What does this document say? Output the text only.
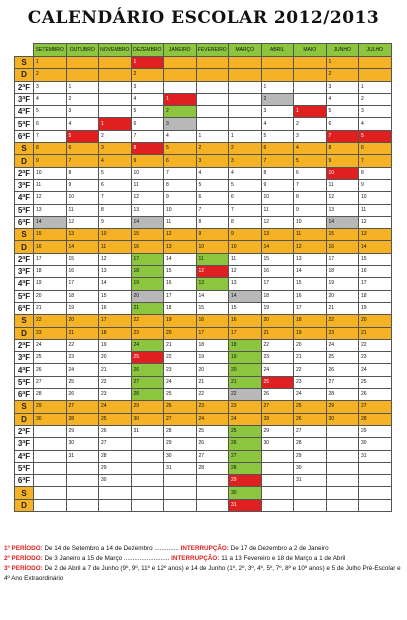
CALENDÁRIO ESCOLAR 2012/2013
	SETEMBRO	OUTUBRO	NOVEMBRO	DEZEMBRO	JANEIRO	FEVEREIRO	MARÇO	ABRIL	MAIO	JUNHO	JULHO
S	1			1						1	
D	2			2						2	
2ªF	3	1		3				1		3	1
3ªF	4	2		4	1			2		4	2
4ªF	5	3		5	2			3	1	5	3
5ªF	6	4	1	6	3			4	2	6	4
6ªF	7	5	2	7	4	1	1	5	3	7	5
S	8	6	3	8	5	2	2	6	4	8	6
D	9	7	4	9	6	3	3	7	5	9	7
2ªF	10	8	5	10	7	4	4	8	6	10	8
3ªF	11	9	6	11	8	5	5	9	7	11	9
4ªF	12	10	7	12	9	6	6	10	8	12	10
5ªF	13	11	8	13	10	7	7	11	9	13	11
6ªF	14	12	9	14	11	8	8	12	10	14	12
S	15	13	10	15	12	9	9	13	11	15	13
D	16	14	11	16	13	10	10	14	12	16	14
2ªF	17	15	12	17	14	11	11	15	13	17	15
3ªF	18	16	13	18	15	12	12	16	14	18	16
4ªF	19	17	14	19	16	13	13	17	15	19	17
5ªF	20	18	15	20	17	14	14	18	16	20	18
6ªF	21	19	16	21	18	15	15	19	17	21	19
S	22	20	17	22	19	16	16	20	18	22	20
D	23	21	18	23	20	17	17	21	19	23	21
2ªF	24	22	19	24	21	18	18	22	20	24	22
3ªF	25	23	20	25	22	19	19	23	21	25	23
4ªF	26	24	21	26	23	20	20	24	22	26	24
5ªF	27	25	22	27	24	21	21	25	23	27	25
6ªF	28	26	23	28	25	22	22	26	24	28	26
S	29	27	24	29	26	23	23	27	25	29	27
D	30	28	25	30	27	24	24	28	26	30	28
2ªF		29	26	31	28	25	25	29	27		29
3ªF		30	27		29	26	26	30	28		30
4ªF		31	28		30	27	27		29		31
5ªF			29		31	28	28		30		
6ªF			30				29		31		
S							30				
D							31				
1º PERÍODO: De 14 de Setembro a 14 de Dezembro .............. INTERRUPÇÃO: De 17 de Dezembro a 2 de Janeiro
2º PERÍODO: De 3 Janeiro a 15 de Março .......................... INTERRUPÇÃO: 11 a 13 Fevereiro e 18 de Março a 1 de Abril
3º PERÍODO: De 2 de Abril a 7 de Junho (9º, 9º, 11º e 12º anos) e 14 de Junho (1º, 2º, 3º, 4º, 5º, 7º, 8º e 10º anos) e 5 de Julho Pré-Escolar e 4º Ano Extraordinário
